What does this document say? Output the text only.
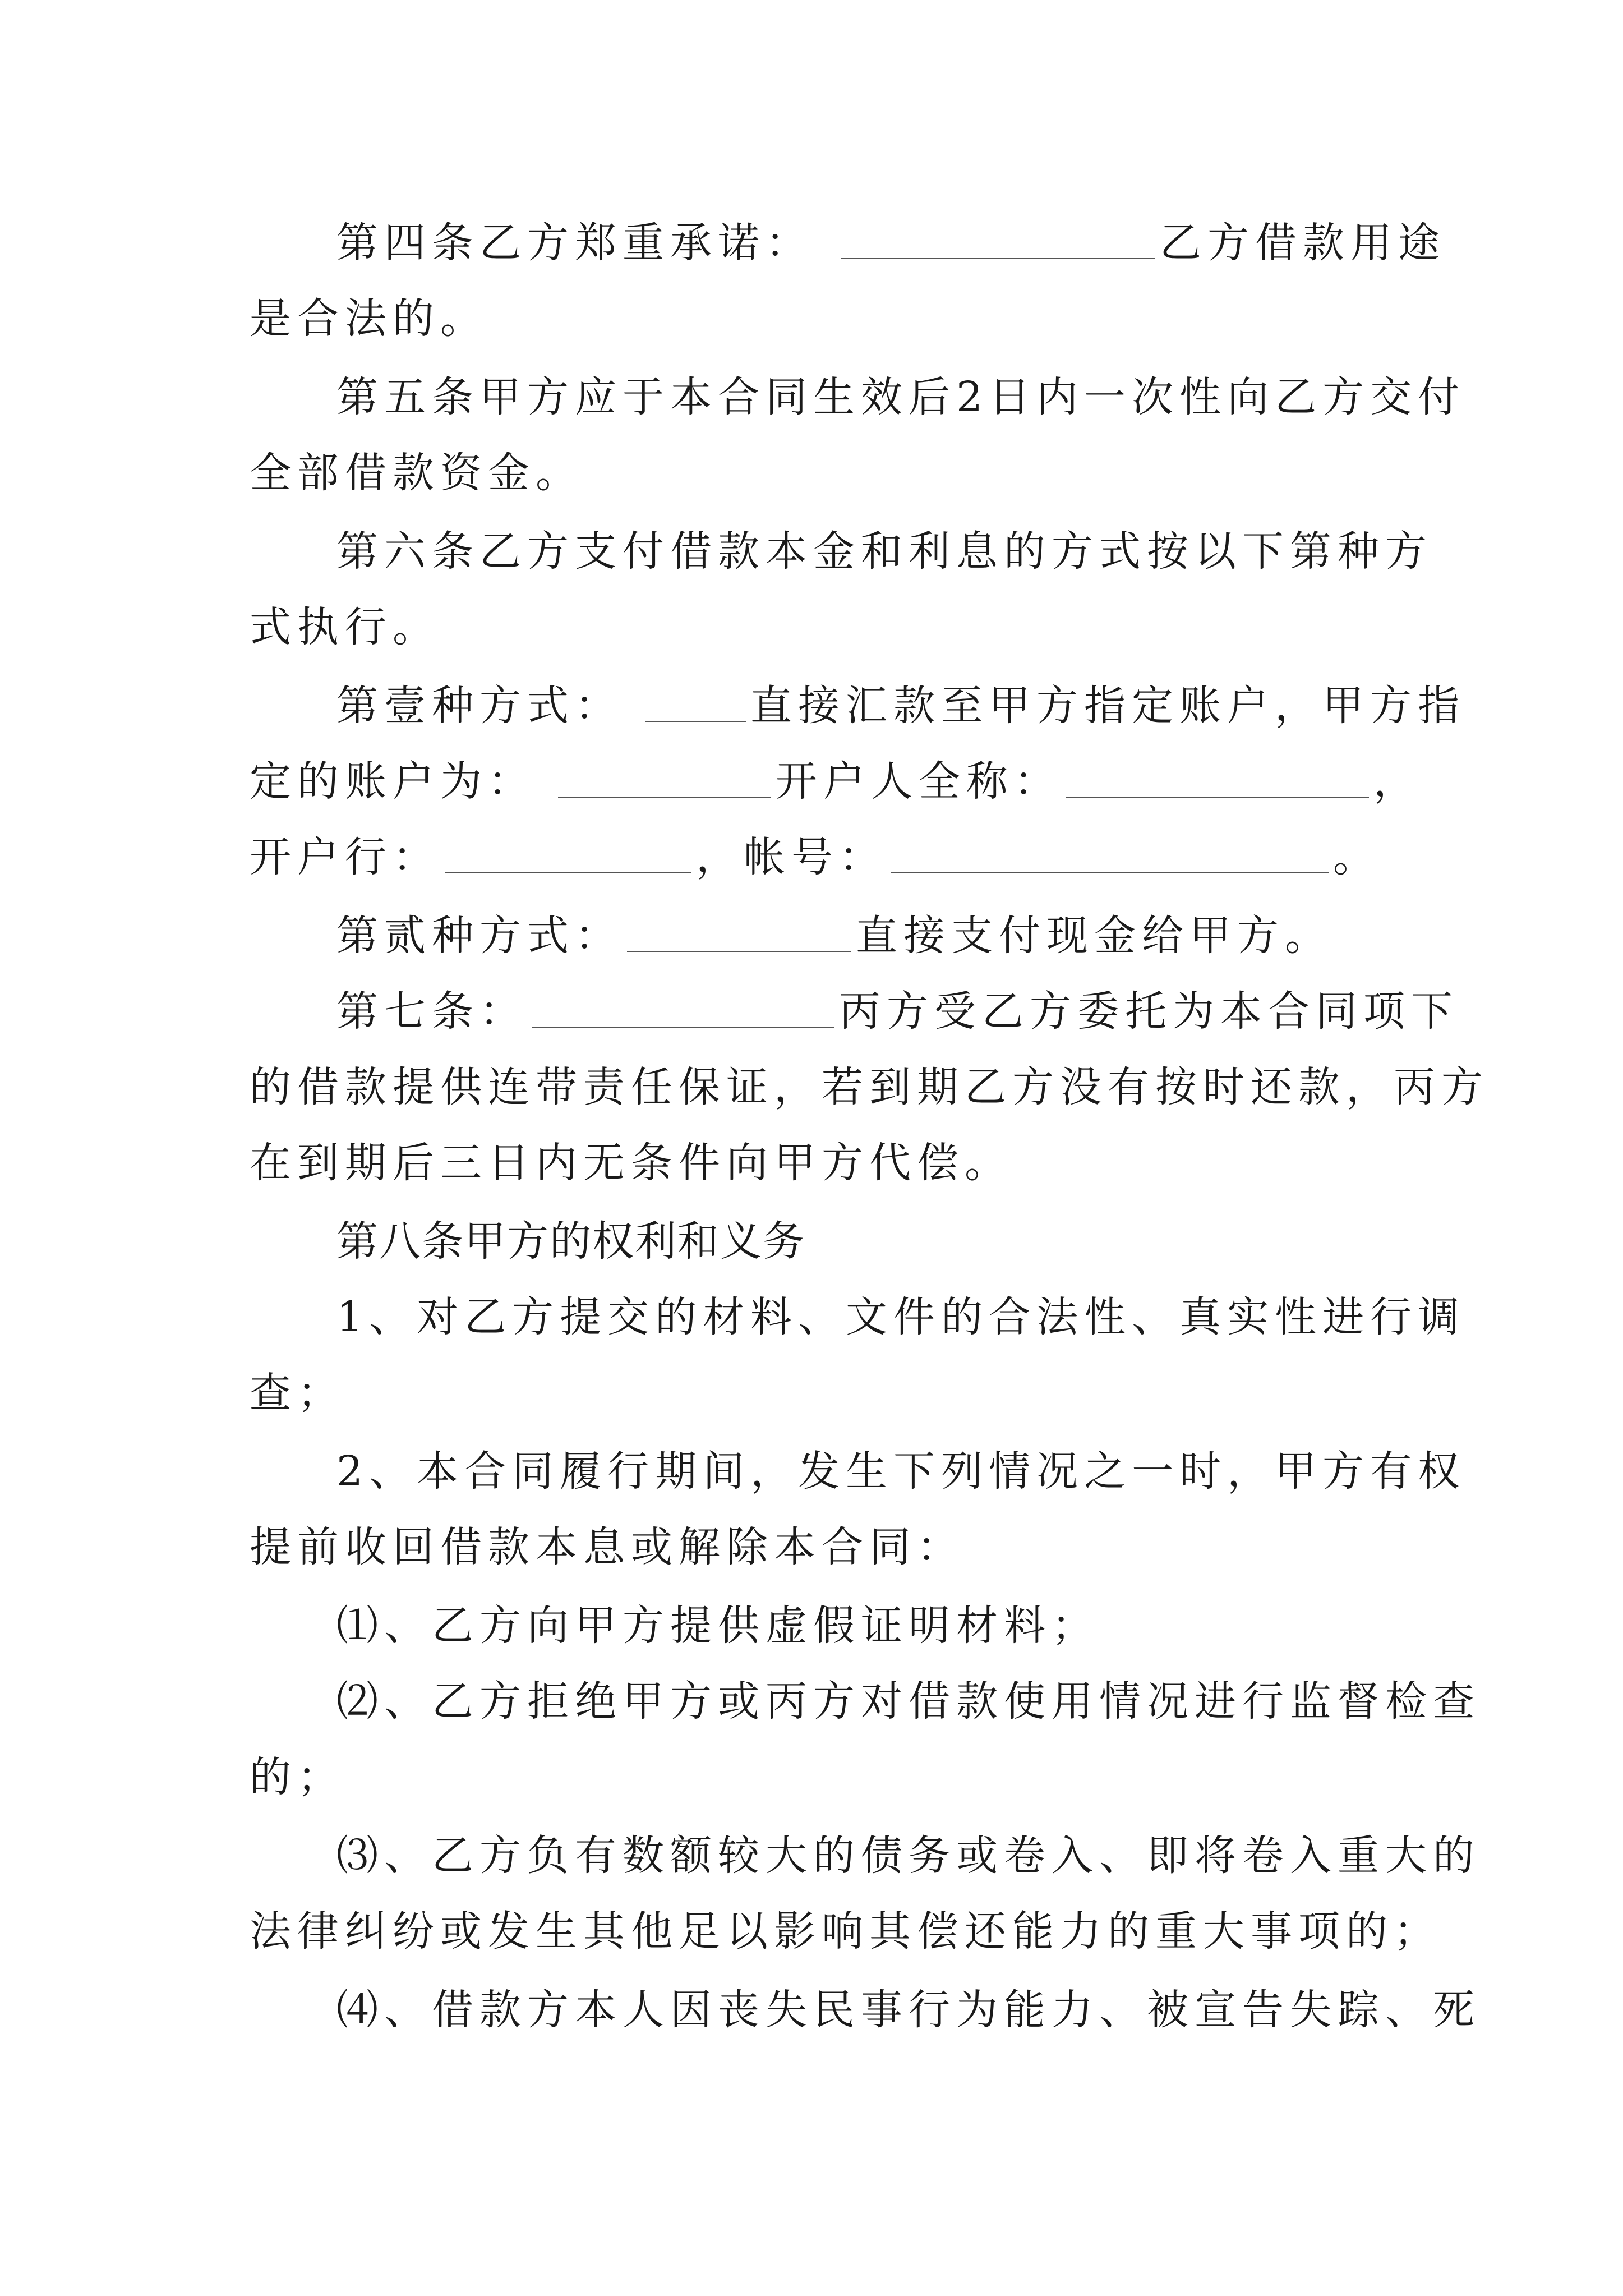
第四条乙方郑重承诺：	乙方借款用途
是合法的。
第五条甲方应于本合同生效后2日内一次性向乙方交付
全部借款资金。
第六条乙方支付借款本金和利息的方式按以下第种方
式执行。
第壹种方式：	直接汇款至甲方指定账户，甲方指
定的账户为：	开户人全称：	，
开户行：	，帐号：	。
第贰种方式：	直接支付现金给甲方。
第七条：	丙方受乙方委托为本合同项下
的借款提供连带责任保证，若到期乙方没有按时还款，丙方
在到期后三日内无条件向甲方代偿。
第八条甲方的权利和义务
1、对乙方提交的材料、文件的合法性、真实性进行调
查；
2、本合同履行期间，发生下列情况之一时，甲方有权
提前收回借款本息或解除本合同：
⑴、乙方向甲方提供虚假证明材料；
⑵、乙方拒绝甲方或丙方对借款使用情况进行监督检查
的；
⑶、乙方负有数额较大的债务或卷入、即将卷入重大的
法律纠纷或发生其他足以影响其偿还能力的重大事项的；
⑷、借款方本人因丧失民事行为能力、被宣告失踪、死
